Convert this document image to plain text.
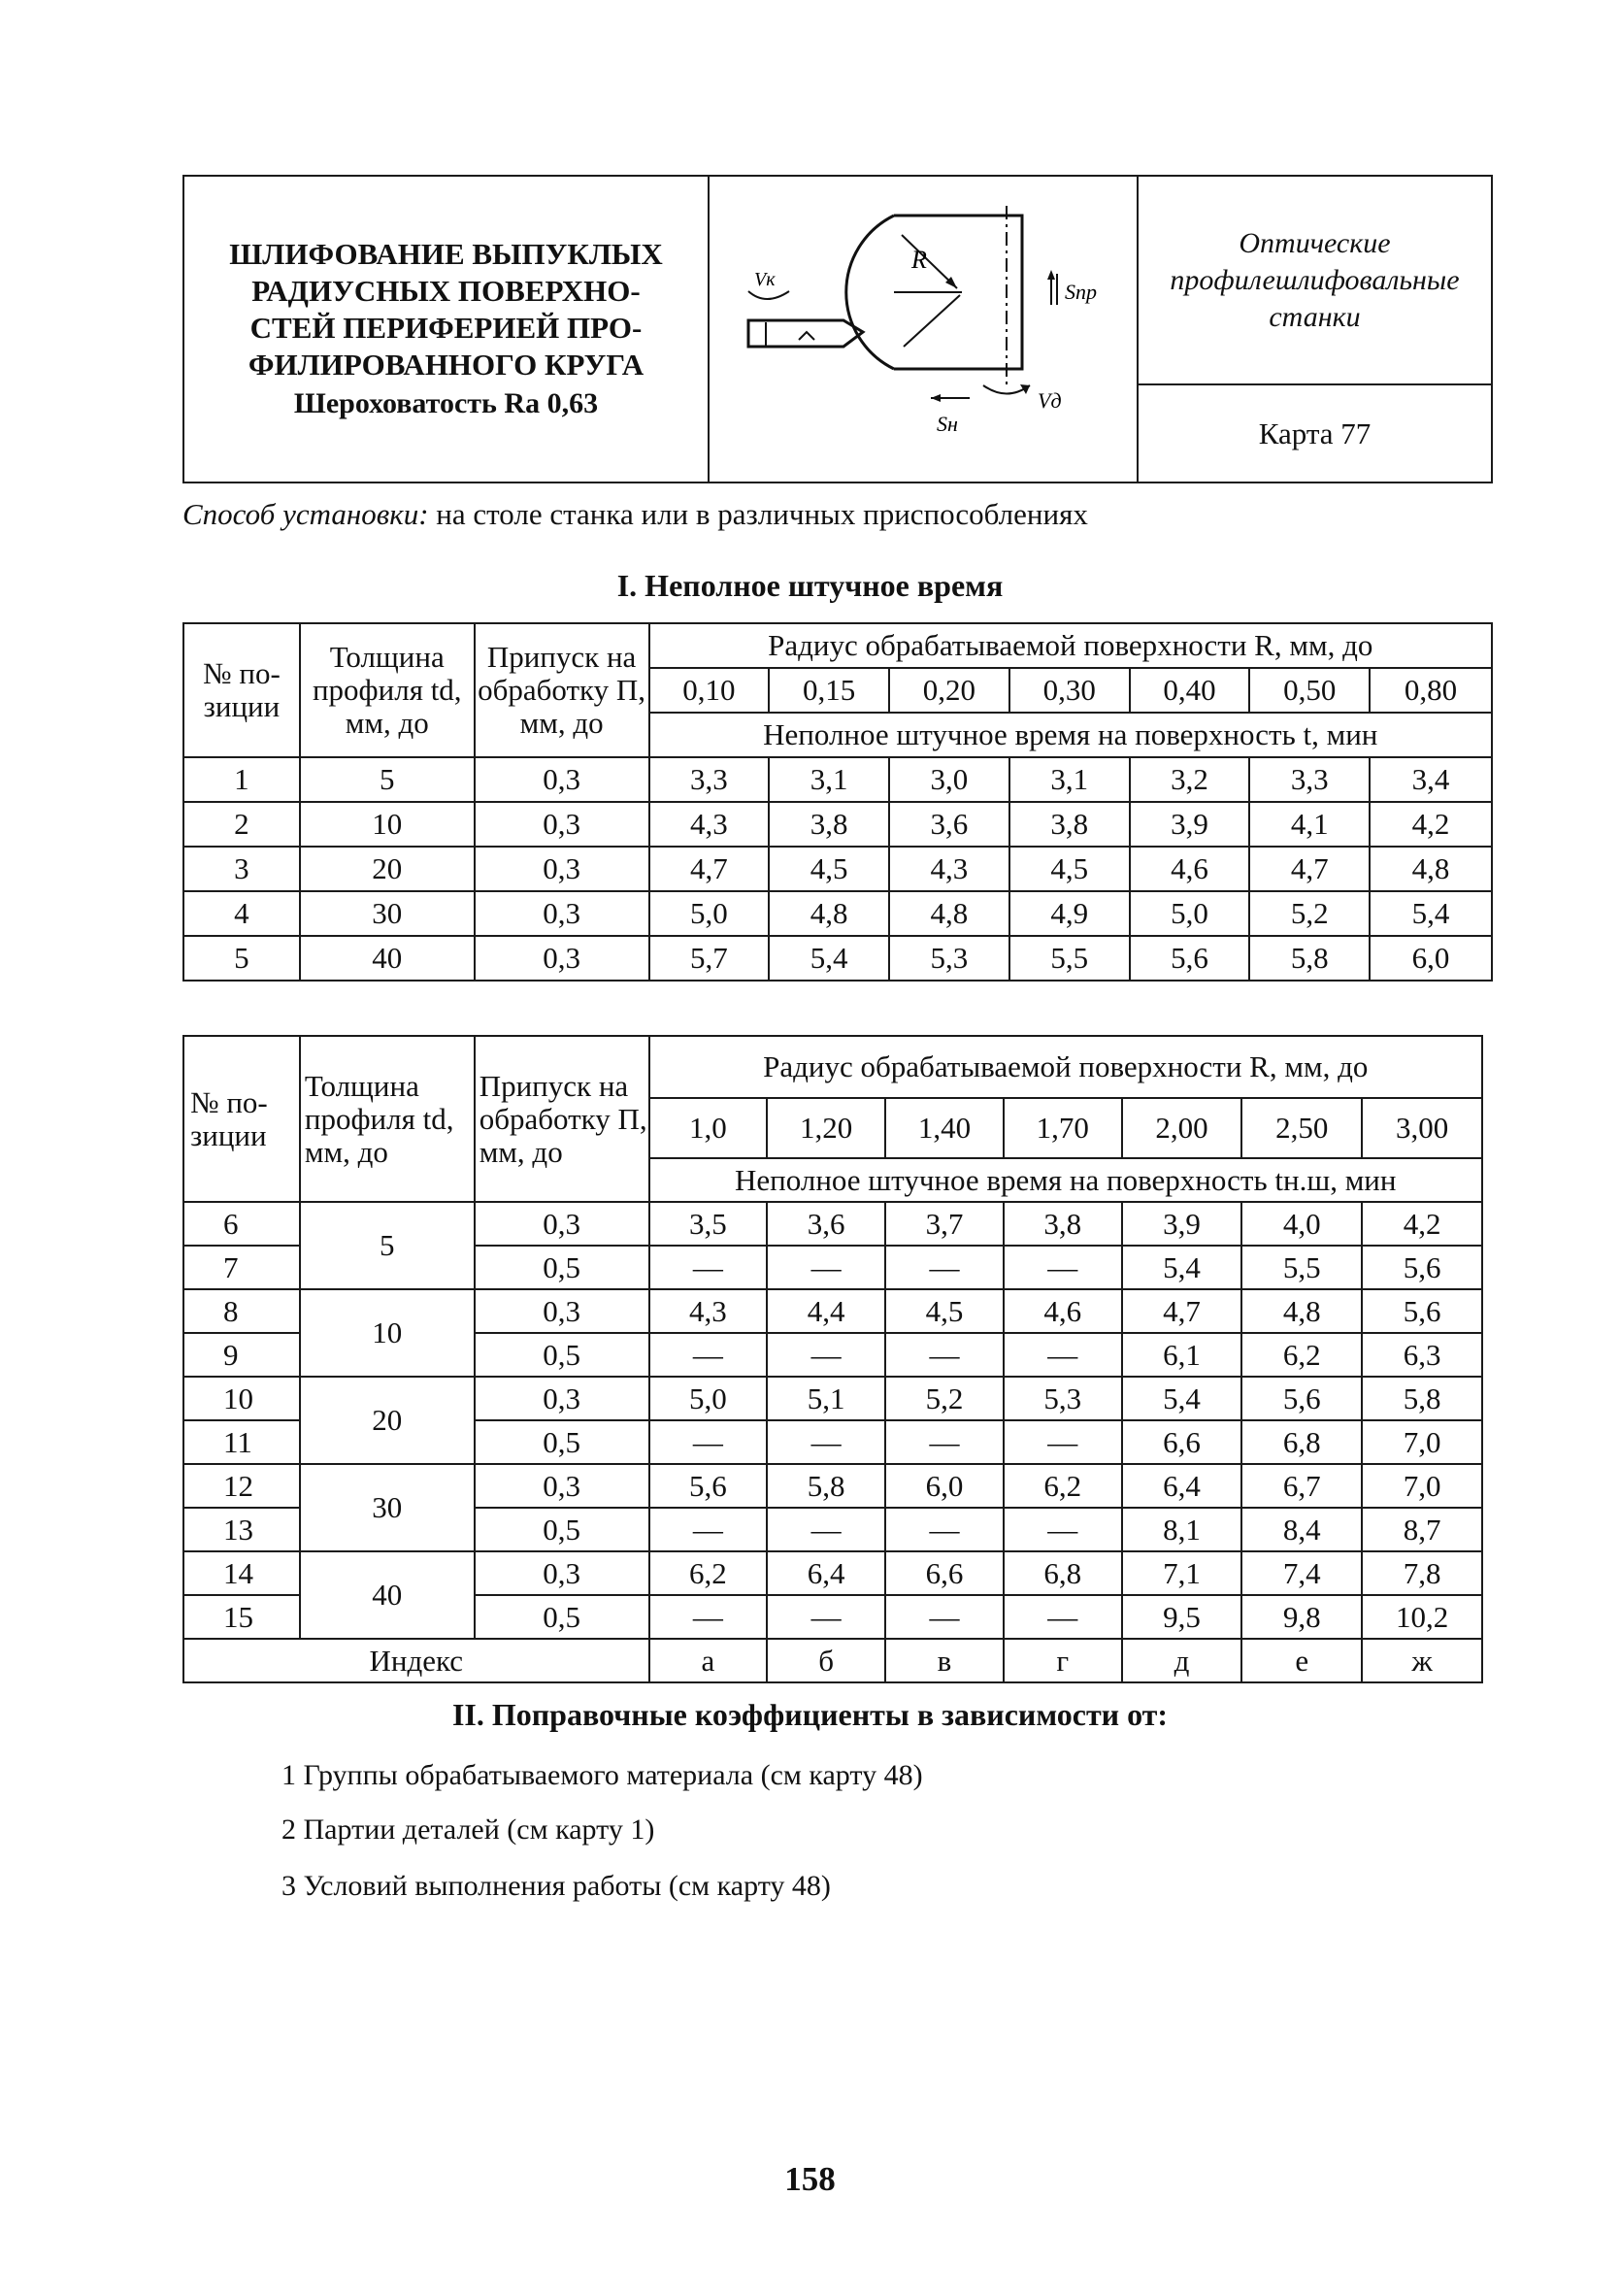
ШЛИФОВАНИЕ ВЫПУКЛЫХ
РАДИУСНЫХ ПОВЕРХНО-
СТЕЙ ПЕРИФЕРИЕЙ ПРО-
ФИЛИРОВАННОГО КРУГА
Шероховатость Ra 0,63

Vк
R
Sпр
Vд
Sн
	Оптические
профилешлифовальные
станки
Карта 77
Способ установки: на столе станка или в различных приспособлениях
I. Неполное штучное время
№ по-зиции	Толщина профиля td, мм, до	Припуск на обработку П, мм, до	Радиус обрабатываемой поверхности R, мм, до						
			0,10	0,15	0,20	0,30	0,40	0,50	0,80
			Неполное штучное время на поверхность t, мин						
1	5	0,3	3,3	3,1	3,0	3,1	3,2	3,3	3,4
2	10	0,3	4,3	3,8	3,6	3,8	3,9	4,1	4,2
3	20	0,3	4,7	4,5	4,3	4,5	4,6	4,7	4,8
4	30	0,3	5,0	4,8	4,8	4,9	5,0	5,2	5,4
5	40	0,3	5,7	5,4	5,3	5,5	5,6	5,8	6,0
№ по-зиции	Толщина профиля td, мм, до	Припуск на обработку П, мм, до	Радиус обрабатываемой поверхности R, мм, до						
			1,0	1,20	1,40	1,70	2,00	2,50	3,00
			Неполное штучное время на поверхность tн.ш, мин						
6	5	0,3	3,5	3,6	3,7	3,8	3,9	4,0	4,2
7		0,5	—	—	—	—	5,4	5,5	5,6
8	10	0,3	4,3	4,4	4,5	4,6	4,7	4,8	5,6
9		0,5	—	—	—	—	6,1	6,2	6,3
10	20	0,3	5,0	5,1	5,2	5,3	5,4	5,6	5,8
11		0,5	—	—	—	—	6,6	6,8	7,0
12	30	0,3	5,6	5,8	6,0	6,2	6,4	6,7	7,0
13		0,5	—	—	—	—	8,1	8,4	8,7
14	40	0,3	6,2	6,4	6,6	6,8	7,1	7,4	7,8
15		0,5	—	—	—	—	9,5	9,8	10,2
Индекс			а	б	в	г	д	е	ж
II. Поправочные коэффициенты в зависимости от:
1 Группы обрабатываемого материала (см карту 48)
2 Партии деталей (см карту 1)
3 Условий выполнения работы (см карту 48)
158
